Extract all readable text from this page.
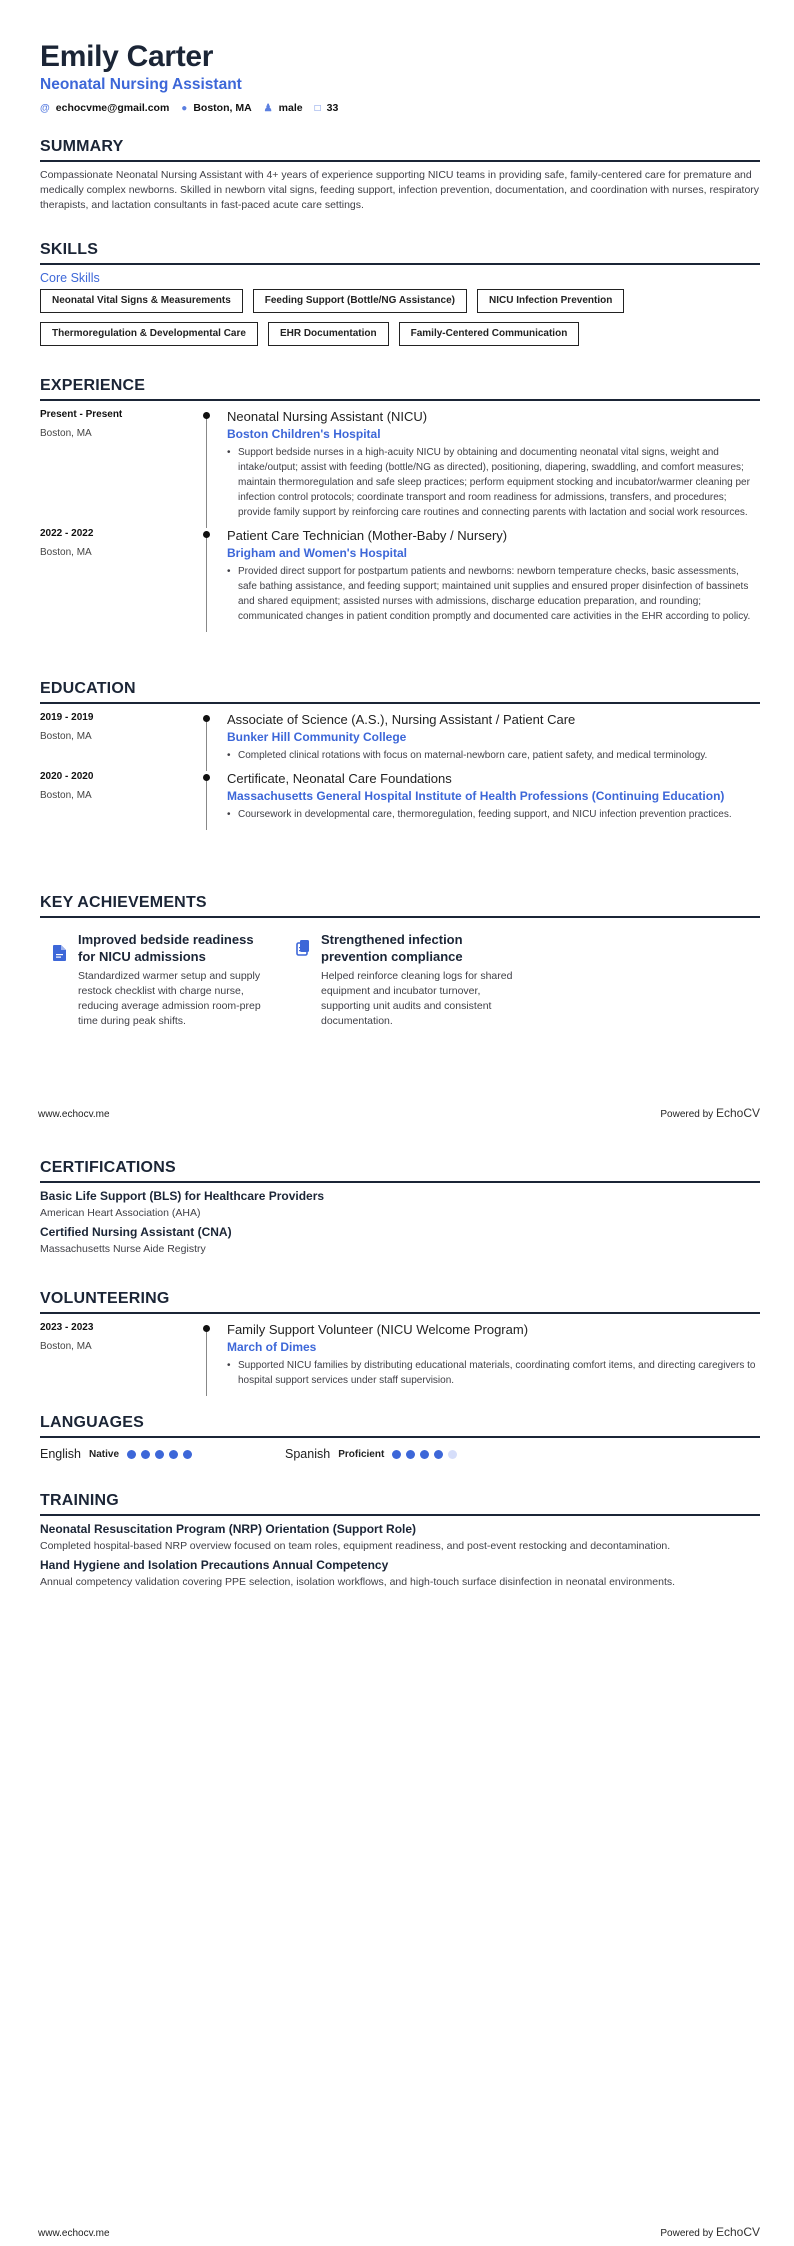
Emily Carter
Neonatal Nursing Assistant
@ echocvme@gmail.com ● Boston, MA ♟ male □ 33
SUMMARY
Compassionate Neonatal Nursing Assistant with 4+ years of experience supporting NICU teams in providing safe, family-centered care for premature and medically complex newborns. Skilled in newborn vital signs, feeding support, infection prevention, documentation, and coordination with nurses, respiratory therapists, and lactation consultants in fast-paced acute care settings.
SKILLS
Core Skills
Neonatal Vital Signs & Measurements	Feeding Support (Bottle/NG Assistance)	NICU Infection Prevention
Thermoregulation & Developmental Care	EHR Documentation	Family-Centered Communication
EXPERIENCE
Present - Present
Boston, MA
Neonatal Nursing Assistant (NICU)
Boston Children's Hospital
• Support bedside nurses in a high-acuity NICU by obtaining and documenting neonatal vital signs, weight and intake/output; assist with feeding (bottle/NG as directed), positioning, diapering, swaddling, and comfort measures; maintain thermoregulation and safe sleep practices; perform equipment stocking and incubator/warmer cleaning per infection control protocols; coordinate transport and room readiness for admissions, transfers, and procedures; provide family support by reinforcing care routines and connecting parents with lactation and social work resources.
2022 - 2022
Boston, MA
Patient Care Technician (Mother-Baby / Nursery)
Brigham and Women's Hospital
• Provided direct support for postpartum patients and newborns: newborn temperature checks, basic assessments, safe bathing assistance, and feeding support; maintained unit supplies and ensured proper disinfection of bassinets and shared equipment; assisted nurses with admissions, discharge education preparation, and rounding; communicated changes in patient condition promptly and documented care activities in the EHR according to policy.
EDUCATION
2019 - 2019
Boston, MA
Associate of Science (A.S.), Nursing Assistant / Patient Care
Bunker Hill Community College
• Completed clinical rotations with focus on maternal-newborn care, patient safety, and medical terminology.
2020 - 2020
Boston, MA
Certificate, Neonatal Care Foundations
Massachusetts General Hospital Institute of Health Professions (Continuing Education)
• Coursework in developmental care, thermoregulation, feeding support, and NICU infection prevention practices.
KEY ACHIEVEMENTS
Improved bedside readiness for NICU admissions
Standardized warmer setup and supply restock checklist with charge nurse, reducing average admission room-prep time during peak shifts.
Strengthened infection prevention compliance
Helped reinforce cleaning logs for shared equipment and incubator turnover, supporting unit audits and consistent documentation.
www.echocv.me	Powered by EchoCV
CERTIFICATIONS
Basic Life Support (BLS) for Healthcare Providers
American Heart Association (AHA)
Certified Nursing Assistant (CNA)
Massachusetts Nurse Aide Registry
VOLUNTEERING
2023 - 2023
Boston, MA
Family Support Volunteer (NICU Welcome Program)
March of Dimes
• Supported NICU families by distributing educational materials, coordinating comfort items, and directing caregivers to hospital support services under staff supervision.
LANGUAGES
English Native	Spanish Proficient
TRAINING
Neonatal Resuscitation Program (NRP) Orientation (Support Role)
Completed hospital-based NRP overview focused on team roles, equipment readiness, and post-event restocking and decontamination.
Hand Hygiene and Isolation Precautions Annual Competency
Annual competency validation covering PPE selection, isolation workflows, and high-touch surface disinfection in neonatal environments.
www.echocv.me	Powered by EchoCV
